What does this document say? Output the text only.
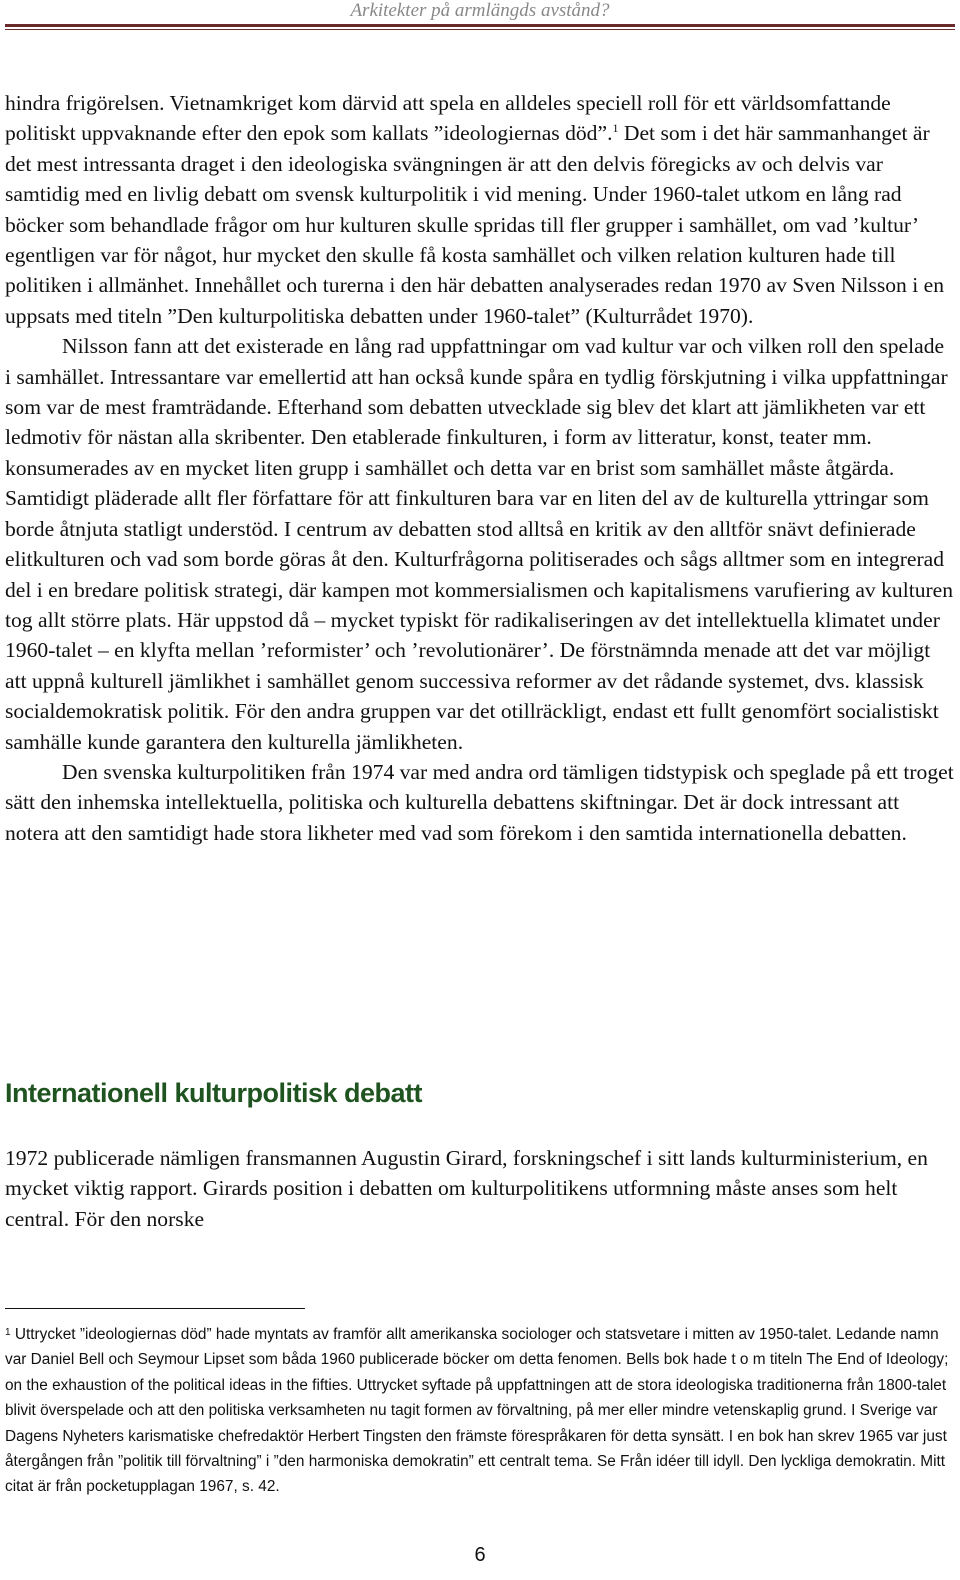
Arkitekter på armlängds avstånd?

hindra frigörelsen. Vietnamkriget kom därvid att spela en alldeles speciell roll för ett världsomfattande politiskt uppvaknande efter den epok som kallats ”ideologiernas död”.$^1$ Det som i det här sammanhanget är det mest intressanta draget i den ideologiska svängningen är att den delvis föregicks av och delvis var samtidig med en livlig debatt om svensk kulturpolitik i vid mening. Under 1960-talet utkom en lång rad böcker som behandlade frågor om hur kulturen skulle spridas till fler grupper i samhället, om vad ’kultur’ egentligen var för något, hur mycket den skulle få kosta samhället och vilken relation kulturen hade till politiken i allmänhet. Innehållet och turerna i den här debatten analyserades redan 1970 av Sven Nilsson i en uppsats med titeln ”Den kulturpolitiska debatten under 1960-talet” (Kulturrådet 1970).

Nilsson fann att det existerade en lång rad uppfattningar om vad kultur var och vilken roll den spelade i samhället. Intressantare var emellertid att han också kunde spåra en tydlig förskjutning i vilka uppfattningar som var de mest framträdande. Efterhand som debatten utvecklade sig blev det klart att jämlikheten var ett ledmotiv för nästan alla skribenter. Den etablerade finkulturen, i form av litteratur, konst, teater mm. konsumerades av en mycket liten grupp i samhället och detta var en brist som samhället måste åtgärda. Samtidigt pläderade allt fler författare för att finkulturen bara var en liten del av de kulturella yttringar som borde åtnjuta statligt understöd. I centrum av debatten stod alltså en kritik av den alltför snävt definierade elitkulturen och vad som borde göras åt den. Kulturfrågorna politiserades och sågs alltmer som en integrerad del i en bredare politisk strategi, där kampen mot kommersialismen och kapitalismens varufiering av kulturen tog allt större plats. Här uppstod då – mycket typiskt för radikaliseringen av det intellektuella klimatet under 1960-talet – en klyfta mellan ’reformister’ och ’revolutionärer’. De förstnämnda menade att det var möjligt att uppnå kulturell jämlikhet i samhället genom successiva reformer av det rådande systemet, dvs. klassisk socialdemokratisk politik. För den andra gruppen var det otillräckligt, endast ett fullt genomfört socialistiskt samhälle kunde garantera den kulturella jämlikheten.

Den svenska kulturpolitiken från 1974 var med andra ord tämligen tidstypisk och speglade på ett troget sätt den inhemska intellektuella, politiska och kulturella debattens skiftningar. Det är dock intressant att notera att den samtidigt hade stora likheter med vad som förekom i den samtida internationella debatten.

Internationell kulturpolitisk debatt

1972 publicerade nämligen fransmannen Augustin Girard, forskningschef i sitt lands kulturministerium, en mycket viktig rapport. Girards position i debatten om kulturpolitikens utformning måste anses som helt central. För den norske

$^1$ Uttrycket ”ideologiernas död” hade myntats av framför allt amerikanska sociologer och statsvetare i mitten av 1950-talet. Ledande namn var Daniel Bell och Seymour Lipset som båda 1960 publicerade böcker om detta fenomen. Bells bok hade t o m titeln The End of Ideology; on the exhaustion of the political ideas in the fifties. Uttrycket syftade på uppfattningen att de stora ideologiska traditionerna från 1800-talet blivit överspelade och att den politiska verksamheten nu tagit formen av förvaltning, på mer eller mindre vetenskaplig grund. I Sverige var Dagens Nyheters karismatiske chefredaktör Herbert Tingsten den främste förespråkaren för detta synsätt. I en bok han skrev 1965 var just återgången från ”politik till förvaltning” i ”den harmoniska demokratin” ett centralt tema. Se Från idéer till idyll. Den lyckliga demokratin. Mitt citat är från pocketupplagan 1967, s. 42.
6
